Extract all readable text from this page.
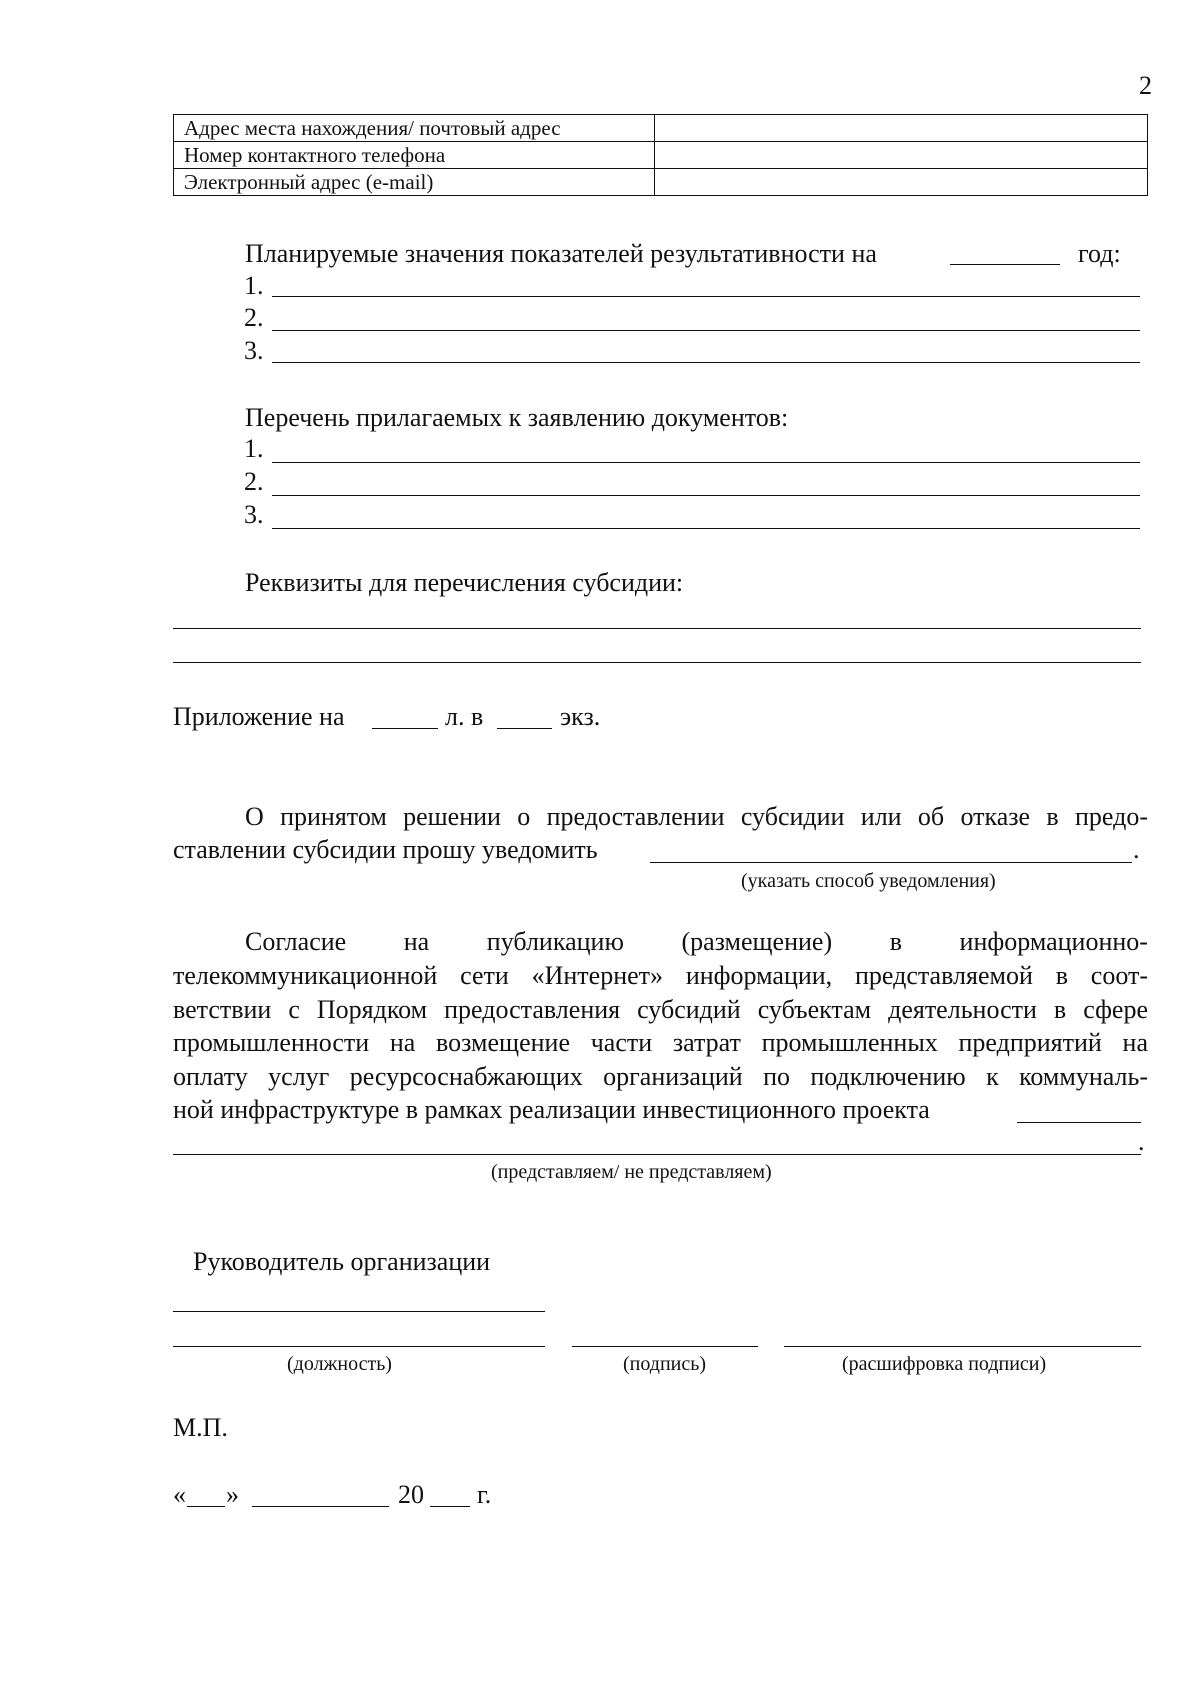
2
Адрес места нахождения/ почтовый адрес	
Номер контактного телефона	
Электронный адрес (e-mail)	
Планируемые значения показателей результативности на	год:
1.
2.
3.
Перечень прилагаемых к заявлению документов:
1.
2.
3.
Реквизиты для перечисления субсидии:
Приложение на	л. в	экз.
О принятом решении о предоставлении субсидии или об отказе в предо-
ставлении субсидии прошу уведомить	.
(указать способ уведомления)
Согласие на публикацию (размещение) в информационно-
телекоммуникационной сети «Интернет» информации, представляемой в соот-
ветствии с Порядком предоставления субсидий субъектам деятельности в сфере
промышленности на возмещение части затрат промышленных предприятий на
оплату услуг ресурсоснабжающих организаций по подключению к коммуналь-
ной инфраструктуре в рамках реализации инвестиционного проекта
.
(представляем/ не представляем)
Руководитель организации
(должность)	(подпись)	(расшифровка подписи)
М.П.
« »	20 г.
